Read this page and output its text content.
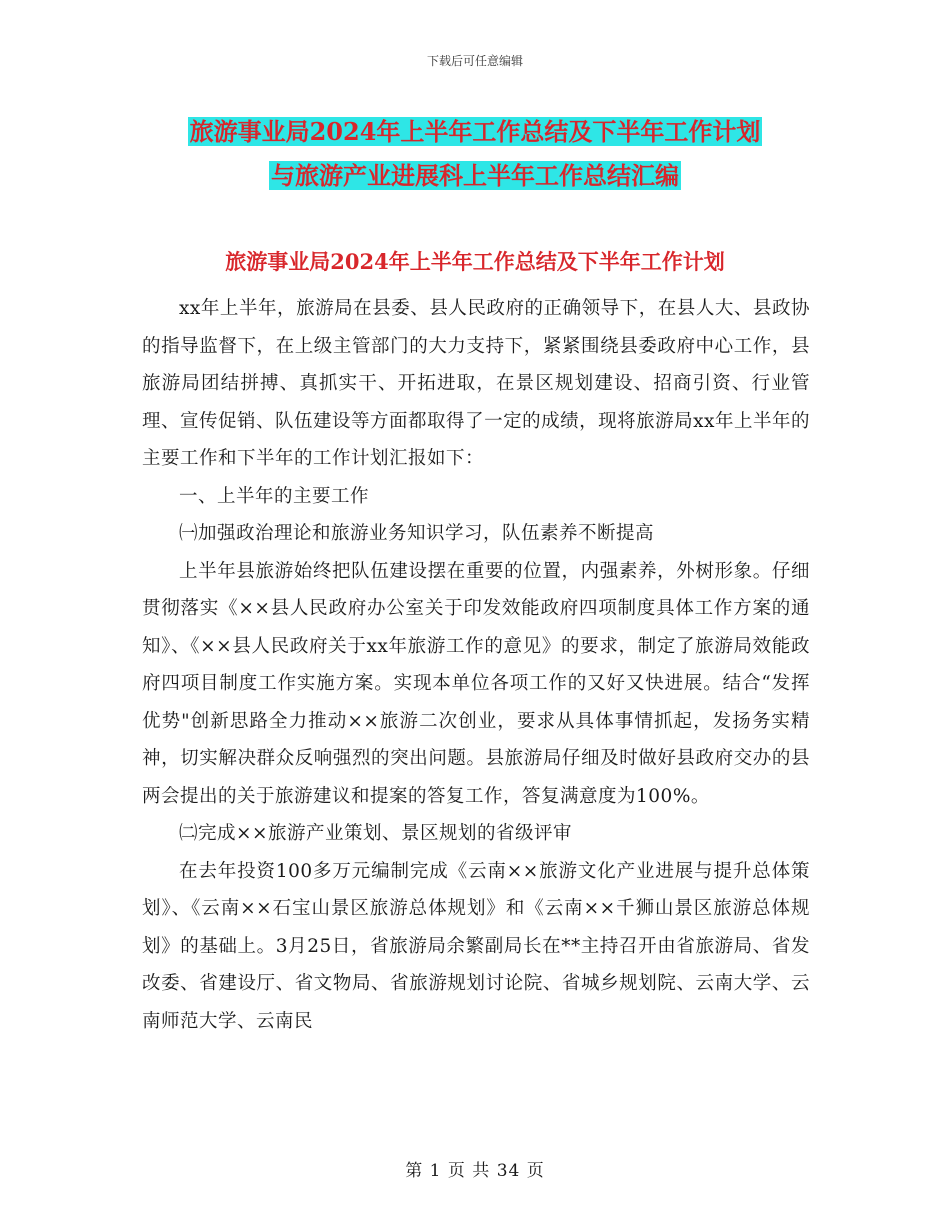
下载后可任意编辑
旅游事业局2024年上半年工作总结及下半年工作计划
与旅游产业进展科上半年工作总结汇编
旅游事业局2024年上半年工作总结及下半年工作计划

xx年上半年，旅游局在县委、县人民政府的正确领导下，在县人大、县政协的指导监督下，在上级主管部门的大力支持下，紧紧围绕县委政府中心工作，县旅游局团结拼搏、真抓实干、开拓进取，在景区规划建设、招商引资、行业管理、宣传促销、队伍建设等方面都取得了一定的成绩，现将旅游局xx年上半年的主要工作和下半年的工作计划汇报如下：

一、上半年的主要工作

㈠加强政治理论和旅游业务知识学习，队伍素养不断提高

上半年县旅游始终把队伍建设摆在重要的位置，内强素养，外树形象。仔细贯彻落实《××县人民政府办公室关于印发效能政府四项制度具体工作方案的通知》、《××县人民政府关于xx年旅游工作的意见》的要求，制定了旅游局效能政府四项目制度工作实施方案。实现本单位各项工作的又好又快进展。结合“发挥优势"创新思路全力推动××旅游二次创业，要求从具体事情抓起，发扬务实精神，切实解决群众反响强烈的突出问题。县旅游局仔细及时做好县政府交办的县两会提出的关于旅游建议和提案的答复工作，答复满意度为100%。

㈡完成××旅游产业策划、景区规划的省级评审

在去年投资100多万元编制完成《云南××旅游文化产业进展与提升总体策划》、《云南××石宝山景区旅游总体规划》和《云南××千狮山景区旅游总体规划》的基础上。3月25日，省旅游局余繁副局长在**主持召开由省旅游局、省发改委、省建设厅、省文物局、省旅游规划讨论院、省城乡规划院、云南大学、云南师范大学、云南民

第 1 页 共 34 页
